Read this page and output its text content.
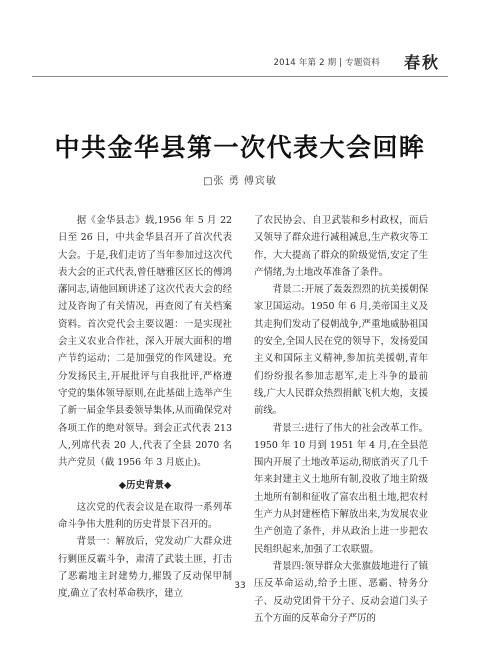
2014 年第 2 期 | 专题资料 春秋
中共金华县第一次代表大会回眸
□张 勇 傅宾敏

据《金华县志》载,1956 年 5 月 22 日至 26 日，中共金华县召开了首次代表大会。于是,我们走访了当年参加过这次代表大会的正式代表,曾任塘雅区区长的傅鸿藩同志,请他回顾讲述了这次代表大会的经过及咨询了有关情况，再查阅了有关档案资料。首次党代会主要议题：一是实现社会主义农业合作社，深入开展大面积的增产节约运动；二是加强党的作风建设。充分发扬民主,开展批评与自我批评,严格遵守党的集体领导原则,在此基础上选举产生了新一届金华县委领导集体,从而确保党对各项工作的绝对领导。到会正式代表 213 人,列席代表 20 人,代表了全县 2070 名共产党员（截 1956 年 3 月底止)。

◆历史背景◆

这次党的代表会议是在取得一系列革命斗争伟大胜利的历史背景下召开的。

背景一：解放后，党发动广大群众进行剿匪反霸斗争，肃清了武装土匪，打击了恶霸地主封建势力,摧毁了反动保甲制度,确立了农村革命秩序，建立

了农民协会、自卫武装和乡村政权，而后又领导了群众进行减租减息,生产救灾等工作，大大提高了群众的阶级觉悟,安定了生产情绪,为土地改革准备了条件。

背景二:开展了轰轰烈烈的抗美援朝保家卫国运动。1950 年 6 月,美帝国主义及其走狗们发动了侵朝战争,严重地威胁祖国的安全,全国人民在党的领导下，发扬爱国主义和国际主义精神,参加抗美援朝,青年们纷纷报名参加志愿军,走上斗争的最前线,广大人民群众热烈捐献飞机大炮，支援前线。

背景三:进行了伟大的社会改革工作。1950 年 10 月到 1951 年 4 月,在全县范围内开展了土地改革运动,彻底消灭了几千年来封建主义土地所有制,没收了地主阶级土地所有制和征收了富农出租土地,把农村生产力从封建桎梏下解放出来,为发展农业生产创造了条件，并从政治上进一步把农民组织起来,加强了工农联盟。

背景四:领导群众大张旗鼓地进行了镇压反革命运动,给予土匪、恶霸、特务分子、反动党团骨干分子、反动会道门头子五个方面的反革命分子严厉的

33
